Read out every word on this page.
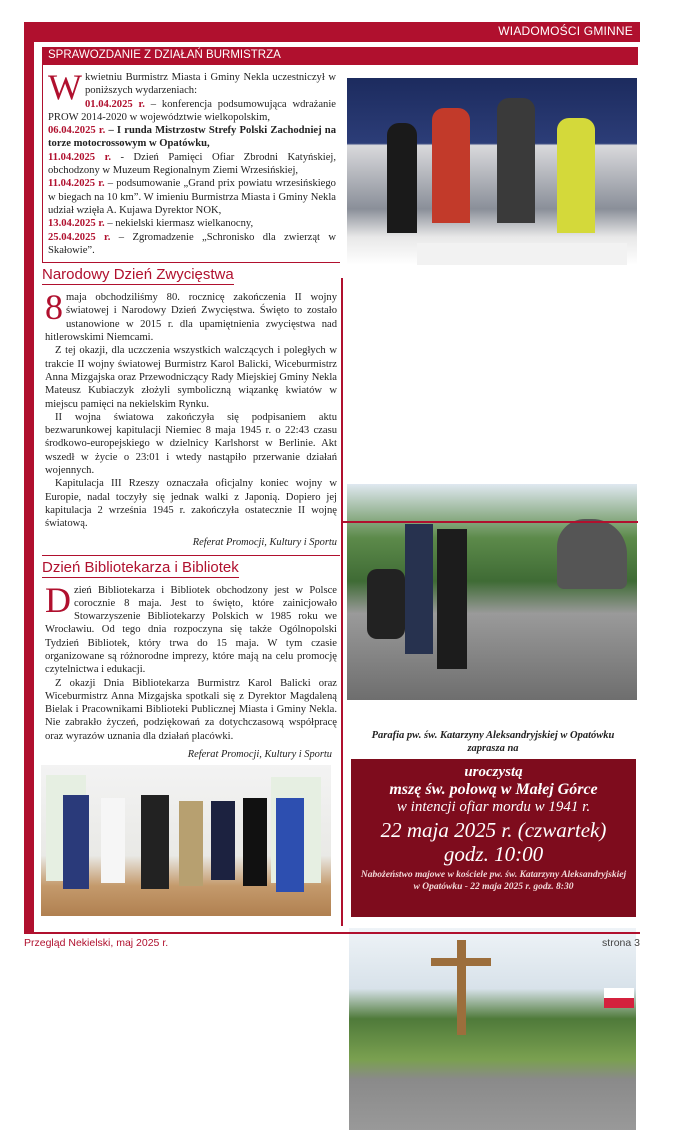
WIADOMOŚCI GMINNE
SPRAWOZDANIE Z DZIAŁAŃ BURMISTRZA
W kwietniu Burmistrz Miasta i Gminy Nekla uczestniczył w poniższych wydarzeniach:
01.04.2025 r. – konferencja podsumowująca wdrażanie PROW 2014-2020 w województwie wielkopolskim,
06.04.2025 r. – I runda Mistrzostw Strefy Polski Zachodniej na torze motocrossowym w Opatówku,
11.04.2025 r. - Dzień Pamięci Ofiar Zbrodni Katyńskiej, obchodzony w Muzeum Regionalnym Ziemi Wrzesińskiej,
11.04.2025 r. – podsumowanie „Grand prix powiatu wrzesińskiego w biegach na 10 km”. W imieniu Burmistrza Miasta i Gminy Nekla udział wzięła A. Kujawa Dyrektor NOK,
13.04.2025 r. – nekielski kiermasz wielkanocny,
25.04.2025 r. – Zgromadzenie „Schronisko dla zwierząt w Skałowie”.
Narodowy Dzień Zwycięstwa

8 maja obchodziliśmy 80. rocznicę zakończenia II wojny światowej i Narodowy Dzień Zwycięstwa. Święto to zostało ustanowione w 2015 r. dla upamiętnienia zwycięstwa nad hitlerowskimi Niemcami.

Z tej okazji, dla uczczenia wszystkich walczących i poległych w trakcie II wojny światowej Burmistrz Karol Balicki, Wiceburmistrz Anna Mizgajska oraz Przewodniczący Rady Miejskiej Gminy Nekla Mateusz Kubiaczyk złożyli symboliczną wiązankę kwiatów w miejscu pamięci na nekielskim Rynku.

II wojna światowa zakończyła się podpisaniem aktu bezwarunkowej kapitulacji Niemiec 8 maja 1945 r. o 22:43 czasu środkowo-europejskiego w dzielnicy Karlshorst w Berlinie. Akt wszedł w życie o 23:01 i wtedy nastąpiło przerwanie działań wojennych.

Kapitulacja III Rzeszy oznaczała oficjalny koniec wojny w Europie, nadal toczyły się jednak walki z Japonią. Dopiero jej kapitulacja 2 września 1945 r. zakończyła ostatecznie II wojnę światową.

Referat Promocji, Kultury i Sportu
Dzień Bibliotekarza i Bibliotek

Dzień Bibliotekarza i Bibliotek obchodzony jest w Polsce corocznie 8 maja. Jest to święto, które zainicjowało Stowarzyszenie Bibliotekarzy Polskich w 1985 roku we Wrocławiu. Od tego dnia rozpoczyna się także Ogólnopolski Tydzień Bibliotek, który trwa do 15 maja. W tym czasie organizowane są różnorodne imprezy, które mają na celu promocję czytelnictwa i edukacji.

Z okazji Dnia Bibliotekarza Burmistrz Karol Balicki oraz Wiceburmistrz Anna Mizgajska spotkali się z Dyrektor Magdaleną Bielak i Pracownikami Biblioteki Publicznej Miasta i Gminy Nekla. Nie zabrakło życzeń, podziękowań za dotychczasową współpracę oraz wyrazów uznania dla działań placówki.

Referat Promocji, Kultury i Sportu
Parafia pw. św. Katarzyny Aleksandryjskiej w Opatówku
zaprasza na
uroczystą
mszę św. polową w Małej Górce
w intencji ofiar mordu w 1941 r.
22 maja 2025 r. (czwartek)
godz. 10:00
Nabożeństwo majowe w kościele pw. św. Katarzyny Aleksandryjskiej w Opatówku - 22 maja 2025 r. godz. 8:30
Przegląd Nekielski, maj 2025 r.	strona 3
